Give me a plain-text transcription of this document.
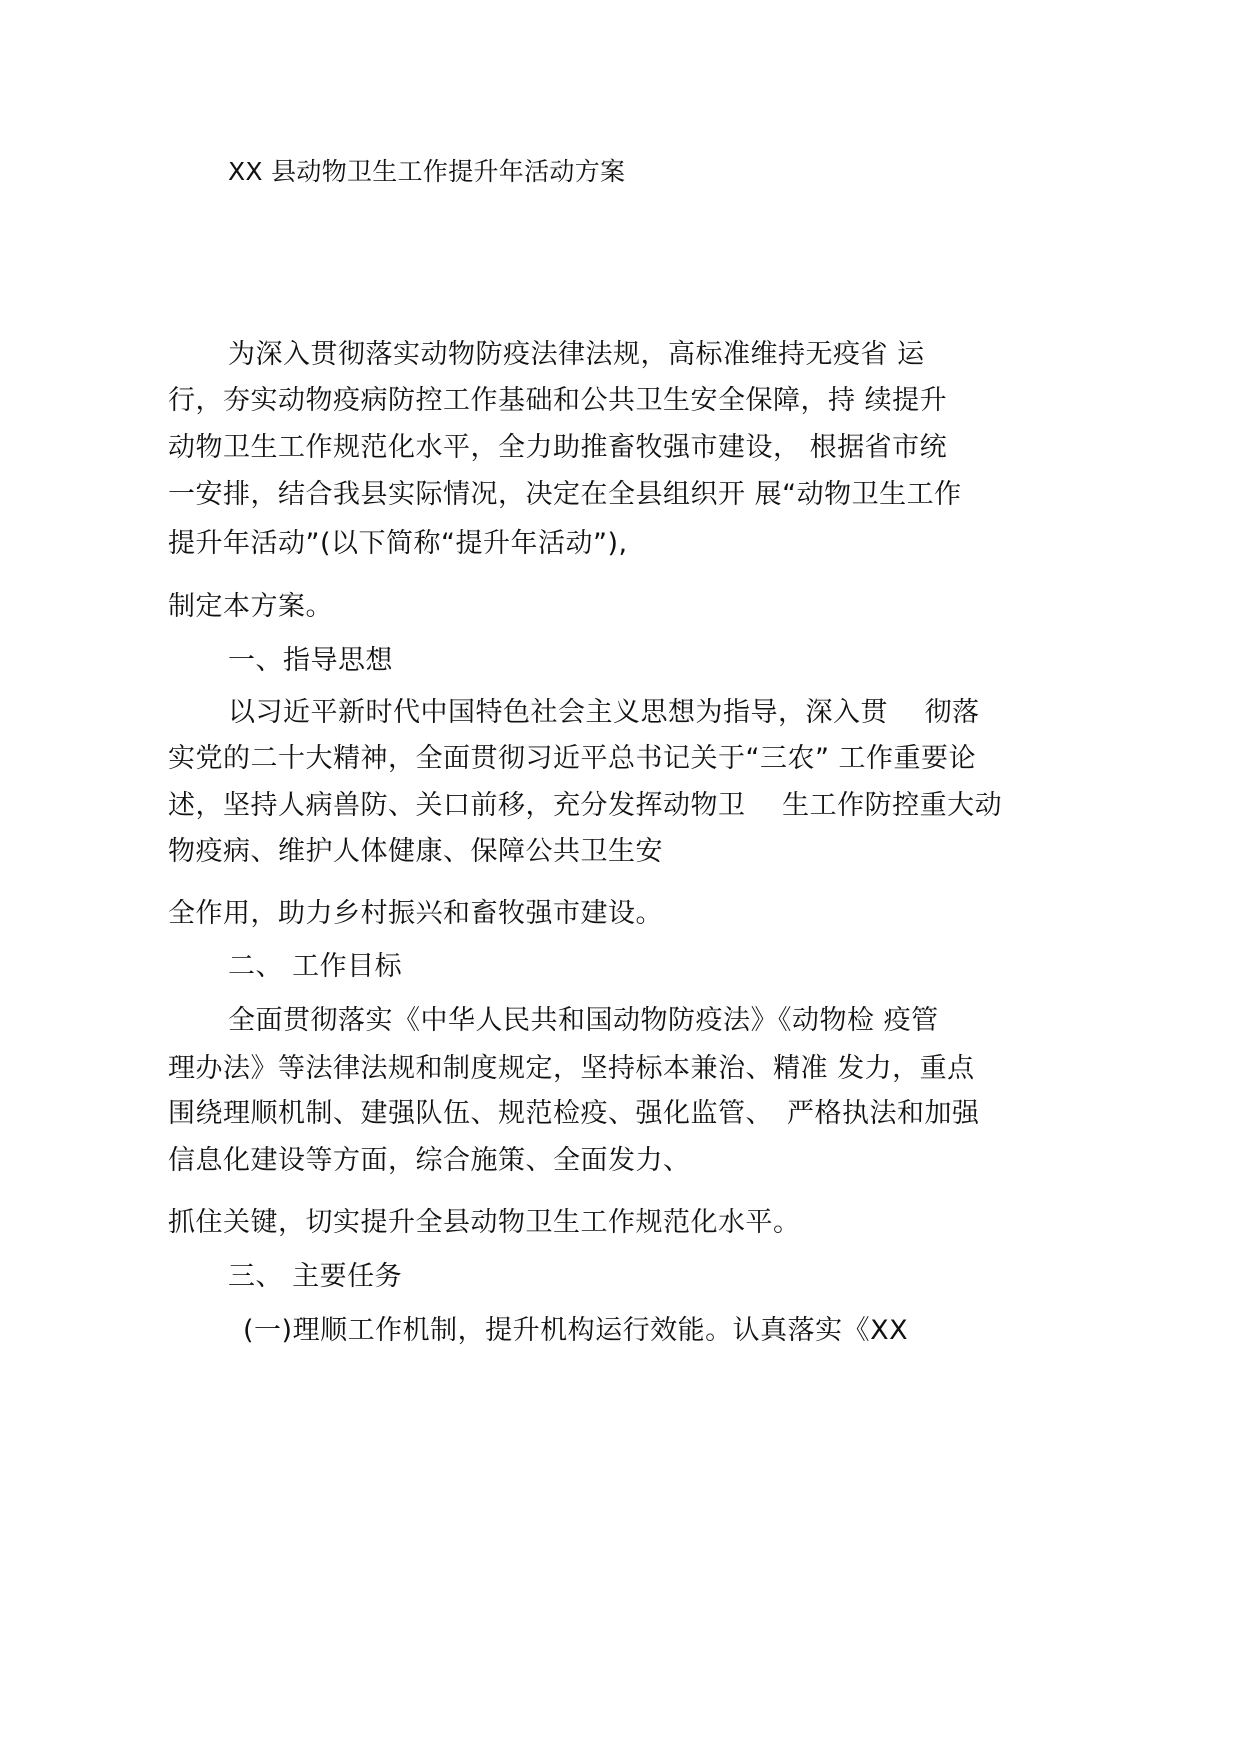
XX 县动物卫生工作提升年活动方案
为深入贯彻落实动物防疫法律法规，高标准维持无疫省 运
行，夯实动物疫病防控工作基础和公共卫生安全保障，持 续提升
动物卫生工作规范化水平，全力助推畜牧强市建设， 根据省市统
一安排，结合我县实际情况，决定在全县组织开 展“动物卫生工作
提升年活动”(以下简称“提升年活动”),
制定本方案。
一、指导思想
以习近平新时代中国特色社会主义思想为指导，深入贯　 彻落
实党的二十大精神，全面贯彻习近平总书记关于“三农” 工作重要论
述，坚持人病兽防、关口前移，充分发挥动物卫　 生工作防控重大动
物疫病、维护人体健康、保障公共卫生安
全作用，助力乡村振兴和畜牧强市建设。
二、 工作目标
全面贯彻落实《中华人民共和国动物防疫法》《动物检 疫管
理办法》等法律法规和制度规定，坚持标本兼治、精准 发力，重点
围绕理顺机制、建强队伍、规范检疫、强化监管、　严格执法和加强
信息化建设等方面，综合施策、全面发力、
抓住关键，切实提升全县动物卫生工作规范化水平。
三、 主要任务
(一)理顺工作机制，提升机构运行效能。认真落实《XX
